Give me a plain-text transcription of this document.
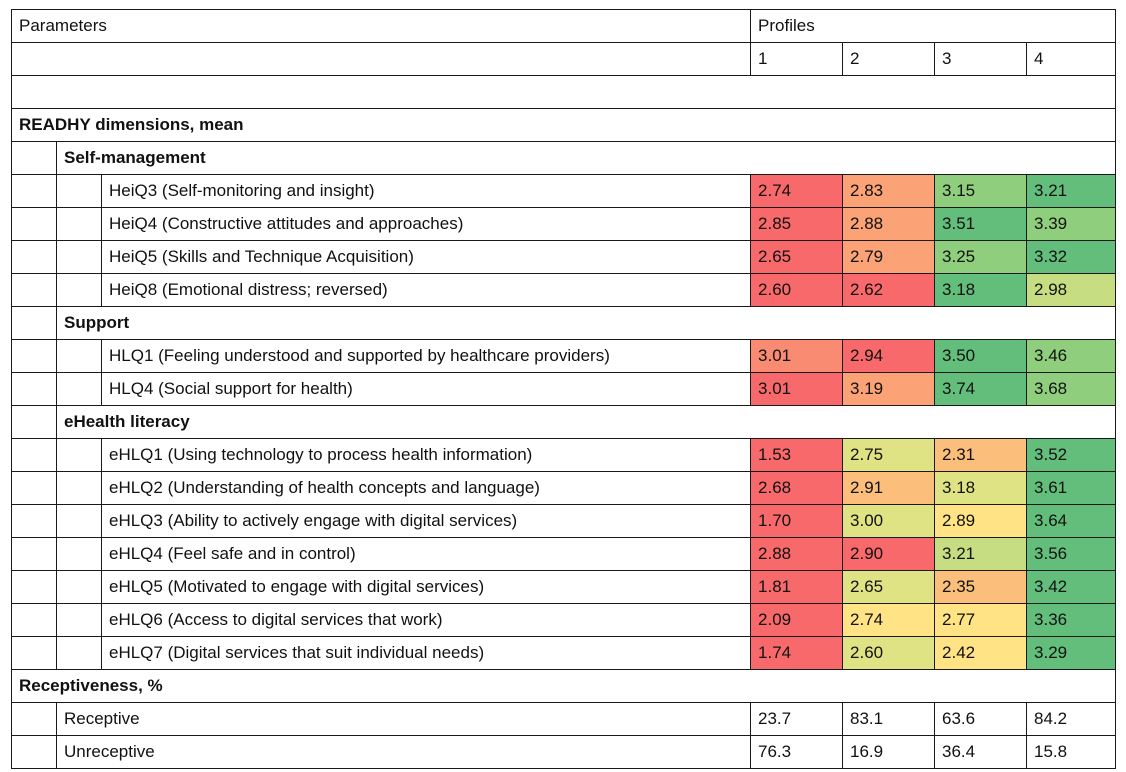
Parameters			Profiles			
			1	2	3	4

READHY dimensions, mean						
	Self-management					
		HeiQ3 (Self-monitoring and insight)	2.74	2.83	3.15	3.21
		HeiQ4 (Constructive attitudes and approaches)	2.85	2.88	3.51	3.39
		HeiQ5 (Skills and Technique Acquisition)	2.65	2.79	3.25	3.32
		HeiQ8 (Emotional distress; reversed)	2.60	2.62	3.18	2.98
	Support					
		HLQ1 (Feeling understood and supported by healthcare providers)	3.01	2.94	3.50	3.46
		HLQ4 (Social support for health)	3.01	3.19	3.74	3.68
	eHealth literacy					
		eHLQ1 (Using technology to process health information)	1.53	2.75	2.31	3.52
		eHLQ2 (Understanding of health concepts and language)	2.68	2.91	3.18	3.61
		eHLQ3 (Ability to actively engage with digital services)	1.70	3.00	2.89	3.64
		eHLQ4 (Feel safe and in control)	2.88	2.90	3.21	3.56
		eHLQ5 (Motivated to engage with digital services)	1.81	2.65	2.35	3.42
		eHLQ6 (Access to digital services that work)	2.09	2.74	2.77	3.36
		eHLQ7 (Digital services that suit individual needs)	1.74	2.60	2.42	3.29
Receptiveness, %						
	Receptive		23.7	83.1	63.6	84.2
	Unreceptive		76.3	16.9	36.4	15.8
